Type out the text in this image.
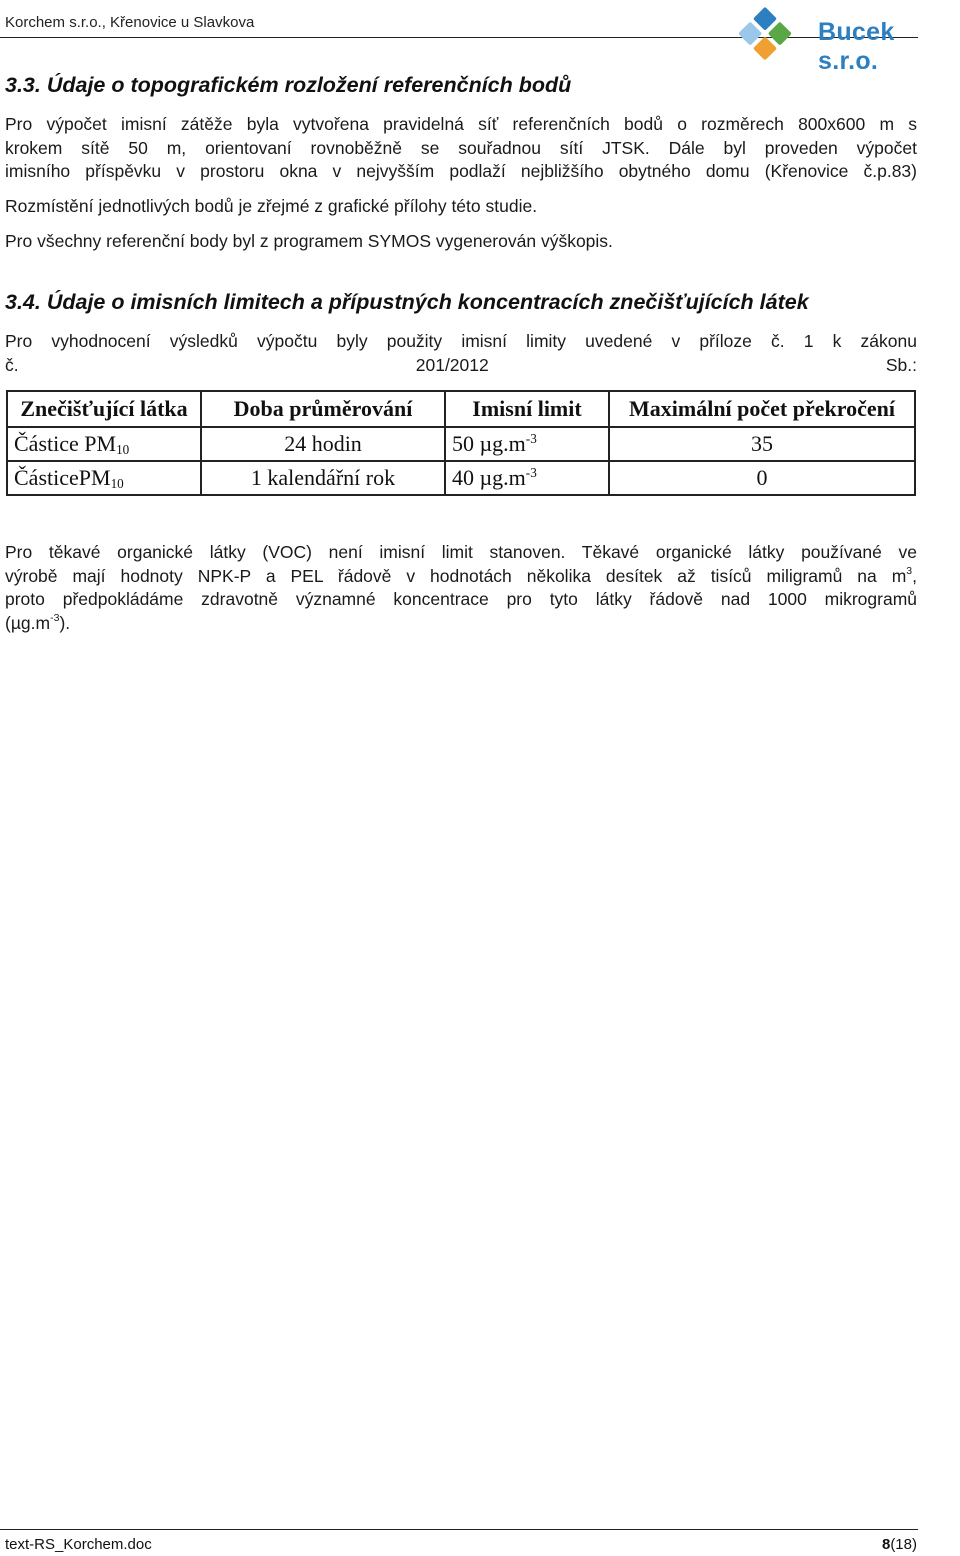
Korchem s.r.o., Křenovice u Slavkova	Bucek s.r.o.
3.3. Údaje o topografickém rozložení referenčních bodů
Pro výpočet imisní zátěže byla vytvořena pravidelná síť referenčních bodů o rozměrech 800x600 m s
krokem sítě 50 m, orientovaní rovnoběžně se souřadnou sítí JTSK. Dále byl proveden výpočet
imisního příspěvku v prostoru okna v nejvyšším podlaží nejbližšího obytného domu (Křenovice č.p.83)

Rozmístění jednotlivých bodů je zřejmé z grafické přílohy této studie.

Pro všechny referenční body byl z programem SYMOS vygenerován výškopis.

3.4. Údaje o imisních limitech a přípustných koncentracích znečišťujících látek
Pro vyhodnocení výsledků výpočtu byly použity imisní limity uvedené v příloze č. 1 k zákonu
č. 201/2012 Sb.:
Znečišťující látka	Doba průměrování	Imisní limit	Maximální počet překročení
Částice $PM_{10}$	24 hodin	50 $\mu g.m^{-3}$	35
ČásticePM$_{10}$	1 kalendářní rok	40 $\mu g.m^{-3}$	0
Pro těkavé organické látky (VOC) není imisní limit stanoven. Těkavé organické látky používané ve
výrobě mají hodnoty NPK-P a PEL řádově v hodnotách několika desítek až tisíců miligramů na $m^3$,
proto předpokládáme zdravotně významné koncentrace pro tyto látky řádově nad 1000 mikrogramů
$(\mu g.m^{-3})$.
text-RS_Korchem.doc	8(18)
